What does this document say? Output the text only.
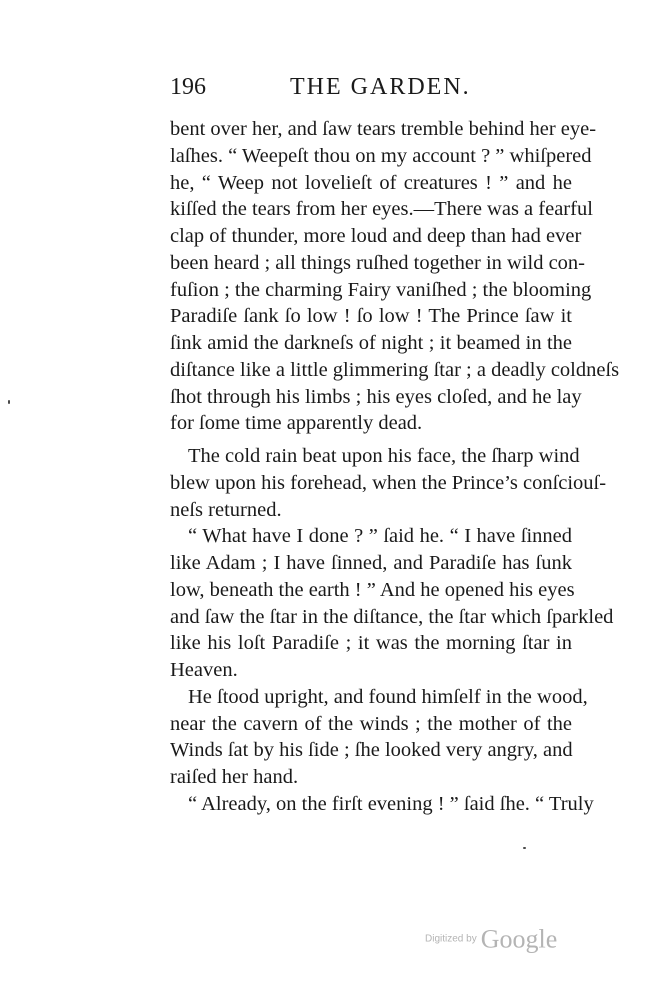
196	THE GARDEN.
bent over her, and ſaw tears tremble behind her eye-
laſhes. “ Weepeſt thou on my account ? ” whiſpered
he, “ Weep not lovelieſt of creatures ! ” and he
kiſſed the tears from her eyes.—There was a fearful
clap of thunder, more loud and deep than had ever
been heard ; all things ruſhed together in wild con-
fuſion ; the charming Fairy vaniſhed ; the blooming
Paradiſe ſank ſo low ! ſo low ! The Prince ſaw it
ſink amid the darkneſs of night ; it beamed in the
diſtance like a little glimmering ſtar ; a deadly coldneſs
ſhot through his limbs ; his eyes cloſed, and he lay
for ſome time apparently dead.
The cold rain beat upon his face, the ſharp wind
blew upon his forehead, when the Prince’s conſciouſ-
neſs returned.
“ What have I done ? ” ſaid he. “ I have ſinned
like Adam ; I have ſinned, and Paradiſe has ſunk
low, beneath the earth ! ” And he opened his eyes
and ſaw the ſtar in the diſtance, the ſtar which ſparkled
like his loſt Paradiſe ; it was the morning ſtar in
Heaven.
He ſtood upright, and found himſelf in the wood,
near the cavern of the winds ; the mother of the
Winds ſat by his ſide ; ſhe looked very angry, and
raiſed her hand.
“ Already, on the firſt evening ! ” ſaid ſhe. “ Truly
Digitized by Google
